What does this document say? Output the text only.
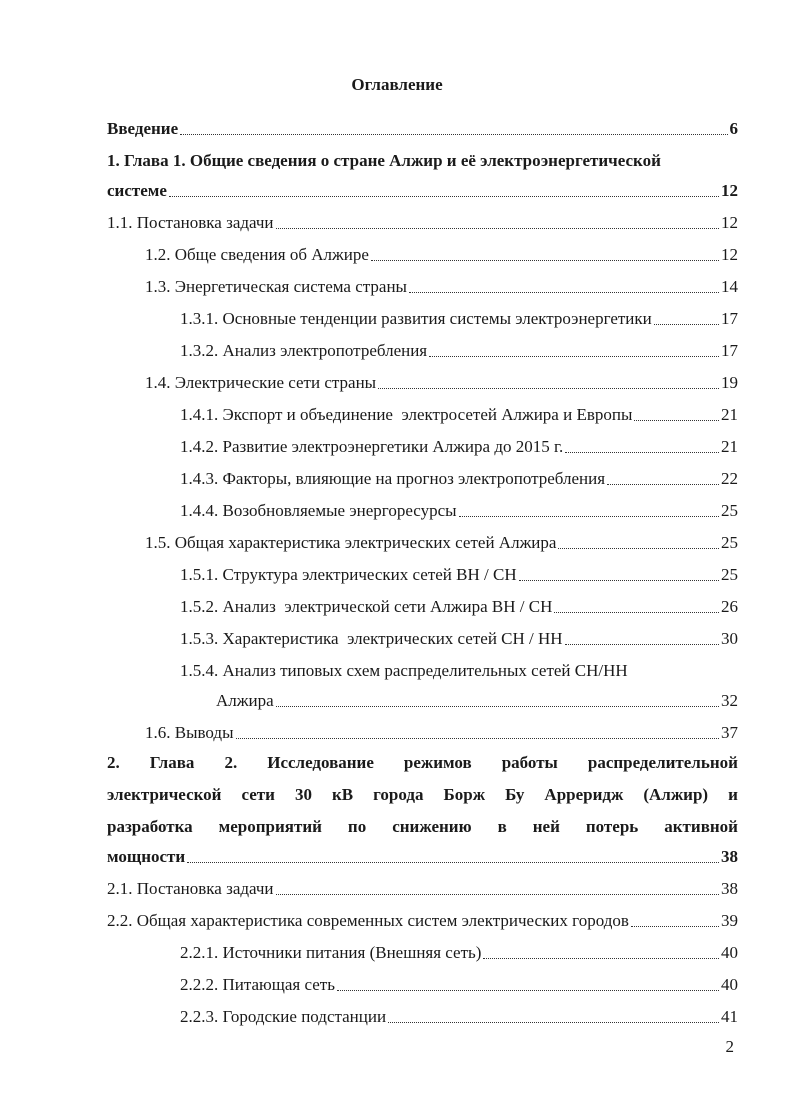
Оглавление
Введение	6
1. Глава 1. Общие сведения о стране Алжир и её электроэнергетической
системе	12
1.1. Постановка задачи	12
1.2. Обще сведения об Алжире	12
1.3. Энергетическая система страны	14
1.3.1. Основные тенденции развития системы электроэнергетики	17
1.3.2. Анализ электропотребления	17
1.4. Электрические сети страны	19
1.4.1. Экспорт и объединение  электросетей Алжира и Европы	21
1.4.2. Развитие электроэнергетики Алжира до 2015 г.	21
1.4.3. Факторы, влияющие на прогноз электропотребления	22
1.4.4. Возобновляемые энергоресурсы	25
1.5. Общая характеристика электрических сетей Алжира	25
1.5.1. Структура электрических сетей ВН / СН	25
1.5.2. Анализ  электрической сети Алжира ВН / СН	26
1.5.3. Характеристика  электрических сетей СН / НН	30
1.5.4. Анализ типовых схем распределительных сетей СН/НН
Алжира	32
1.6. Выводы	37
2. Глава 2. Исследование режимов работы распределительной
электрической сети 30 кВ города Борж Бу Арреридж (Алжир) и
разработка мероприятий по снижению в ней потерь активной
мощности	38
2.1. Постановка задачи	38
2.2. Общая характеристика современных систем электрических городов	39
2.2.1. Источники питания (Внешняя сеть)	40
2.2.2. Питающая сеть	40
2.2.3. Городские подстанции	41
2
